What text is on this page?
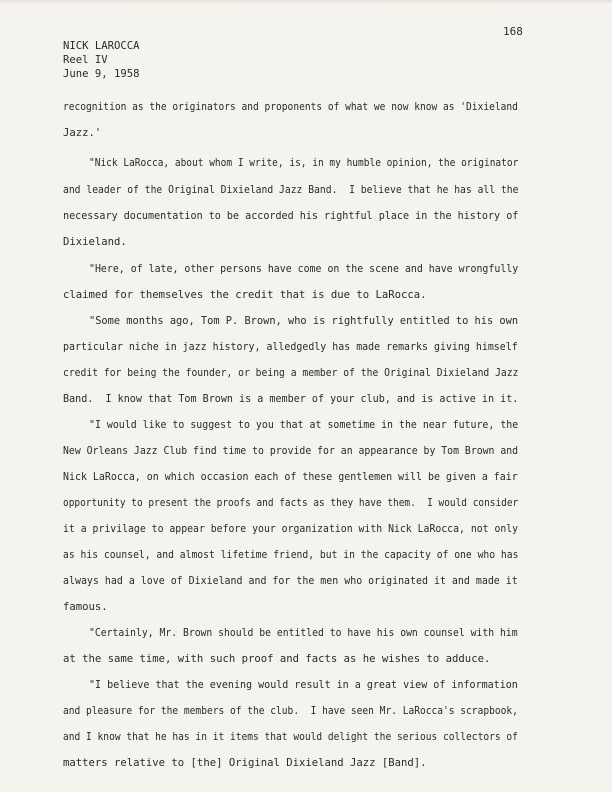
168
NICK LAROCCA
Reel IV
June 9, 1958
recognition as the originators and proponents of what we now know as 'Dixieland
Jazz.'
"Nick LaRocca, about whom I write, is, in my humble opinion, the originator
and leader of the Original Dixieland Jazz Band.  I believe that he has all the
necessary documentation to be accorded his rightful place in the history of
Dixieland.
"Here, of late, other persons have come on the scene and have wrongfully
claimed for themselves the credit that is due to LaRocca.
"Some months ago, Tom P. Brown, who is rightfully entitled to his own
particular niche in jazz history, alledgedly has made remarks giving himself
credit for being the founder, or being a member of the Original Dixieland Jazz
Band.  I know that Tom Brown is a member of your club, and is active in it.
"I would like to suggest to you that at sometime in the near future, the
New Orleans Jazz Club find time to provide for an appearance by Tom Brown and
Nick LaRocca, on which occasion each of these gentlemen will be given a fair
opportunity to present the proofs and facts as they have them.  I would consider
it a privilage to appear before your organization with Nick LaRocca, not only
as his counsel, and almost lifetime friend, but in the capacity of one who has
always had a love of Dixieland and for the men who originated it and made it
famous.
"Certainly, Mr. Brown should be entitled to have his own counsel with him
at the same time, with such proof and facts as he wishes to adduce.
"I believe that the evening would result in a great view of information
and pleasure for the members of the club.  I have seen Mr. LaRocca's scrapbook,
and I know that he has in it items that would delight the serious collectors of
matters relative to [the] Original Dixieland Jazz [Band].
